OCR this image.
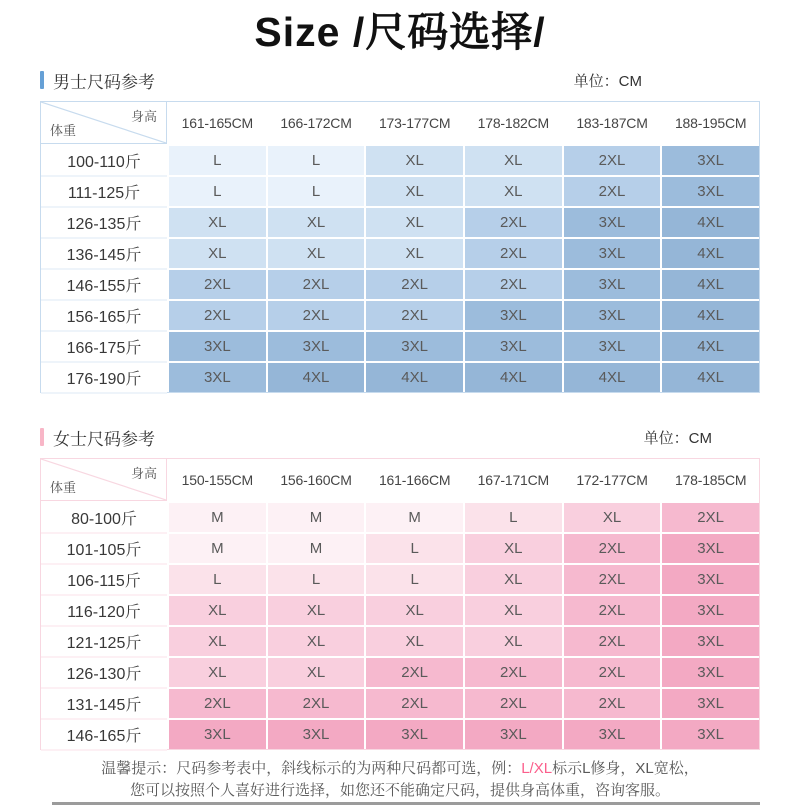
Size /尺码选择/
男士尺码参考	单位：CM
身高
体重	161-165CM	166-172CM	173-177CM	178-182CM	183-187CM	188-195CM
100-110斤	L	L	XL	XL	2XL	3XL
111-125斤	L	L	XL	XL	2XL	3XL
126-135斤	XL	XL	XL	2XL	3XL	4XL
136-145斤	XL	XL	XL	2XL	3XL	4XL
146-155斤	2XL	2XL	2XL	2XL	3XL	4XL
156-165斤	2XL	2XL	2XL	3XL	3XL	4XL
166-175斤	3XL	3XL	3XL	3XL	3XL	4XL
176-190斤	3XL	4XL	4XL	4XL	4XL	4XL
女士尺码参考	单位：CM
身高
体重	150-155CM	156-160CM	161-166CM	167-171CM	172-177CM	178-185CM
80-100斤	M	M	M	L	XL	2XL
101-105斤	M	M	L	XL	2XL	3XL
106-115斤	L	L	L	XL	2XL	3XL
116-120斤	XL	XL	XL	XL	2XL	3XL
121-125斤	XL	XL	XL	XL	2XL	3XL
126-130斤	XL	XL	2XL	2XL	2XL	3XL
131-145斤	2XL	2XL	2XL	2XL	2XL	3XL
146-165斤	3XL	3XL	3XL	3XL	3XL	3XL
温馨提示：尺码参考表中，斜线标示的为两种尺码都可选，例：L/XL标示L修身，XL宽松，
您可以按照个人喜好进行选择，如您还不能确定尺码，提供身高体重，咨询客服。
